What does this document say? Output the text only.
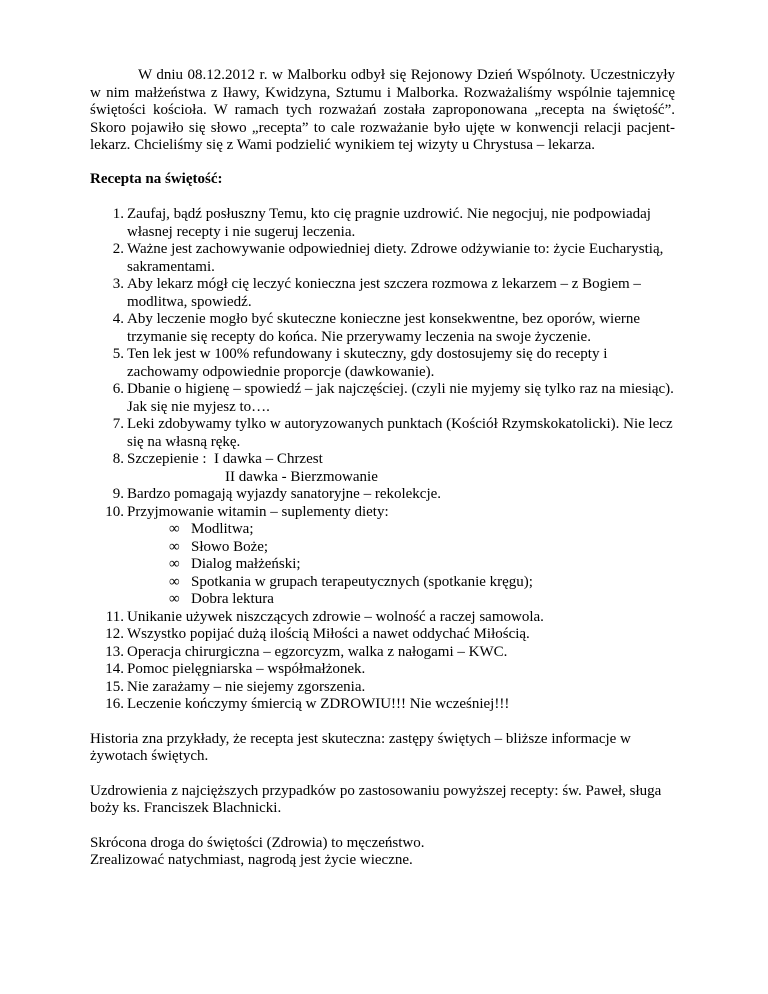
W dniu 08.12.2012 r. w Malborku odbył się Rejonowy Dzień Wspólnoty. Uczestniczyły w nim małżeństwa z Iławy, Kwidzyna, Sztumu i Malborka. Rozważaliśmy wspólnie tajemnicę świętości kościoła. W ramach tych rozważań została zaproponowana „recepta na świętość”. Skoro pojawiło się słowo „recepta” to cale rozważanie było ujęte w konwencji relacji pacjent-lekarz. Chcieliśmy się z Wami podzielić wynikiem tej wizyty u Chrystusa – lekarza.

Recepta na świętość:

1. Zaufaj, bądź posłuszny Temu, kto cię pragnie uzdrowić. Nie negocjuj, nie podpowiadaj własnej recepty i nie sugeruj leczenia.
2. Ważne jest zachowywanie odpowiedniej diety. Zdrowe odżywianie to: życie Eucharystią, sakramentami.
3. Aby lekarz mógł cię leczyć konieczna jest szczera rozmowa z lekarzem – z Bogiem – modlitwa, spowiedź.
4. Aby leczenie mogło być skuteczne konieczne jest konsekwentne, bez oporów, wierne trzymanie się recepty do końca. Nie przerywamy leczenia na swoje życzenie.
5. Ten lek jest w 100% refundowany i skuteczny, gdy dostosujemy się do recepty i zachowamy odpowiednie proporcje (dawkowanie).
6. Dbanie o higienę – spowiedź – jak najczęściej. (czyli nie myjemy się tylko raz na miesiąc). Jak się nie myjesz to….
7. Leki zdobywamy tylko w autoryzowanych punktach (Kościół Rzymskokatolicki). Nie lecz się na własną rękę.
8. Szczepienie :  I dawka – Chrzest
II dawka - Bierzmowanie
9. Bardzo pomagają wyjazdy sanatoryjne – rekolekcje.
10. Przyjmowanie witamin – suplementy diety:
∞ Modlitwa;
∞ Słowo Boże;
∞ Dialog małżeński;
∞ Spotkania w grupach terapeutycznych (spotkanie kręgu);
∞ Dobra lektura
11. Unikanie używek niszczących zdrowie – wolność a raczej samowola.
12. Wszystko popijać dużą ilością Miłości a nawet oddychać Miłością.
13. Operacja chirurgiczna – egzorcyzm, walka z nałogami – KWC.
14. Pomoc pielęgniarska – współmałżonek.
15. Nie zarażamy – nie siejemy zgorszenia.
16. Leczenie kończymy śmiercią w ZDROWIU!!! Nie wcześniej!!!

Historia zna przykłady, że recepta jest skuteczna: zastępy świętych – bliższe informacje w żywotach świętych.

Uzdrowienia z najcięższych przypadków po zastosowaniu powyższej recepty: św. Paweł, sługa boży ks. Franciszek Blachnicki.

Skrócona droga do świętości (Zdrowia) to męczeństwo.
Zrealizować natychmiast, nagrodą jest życie wieczne.
